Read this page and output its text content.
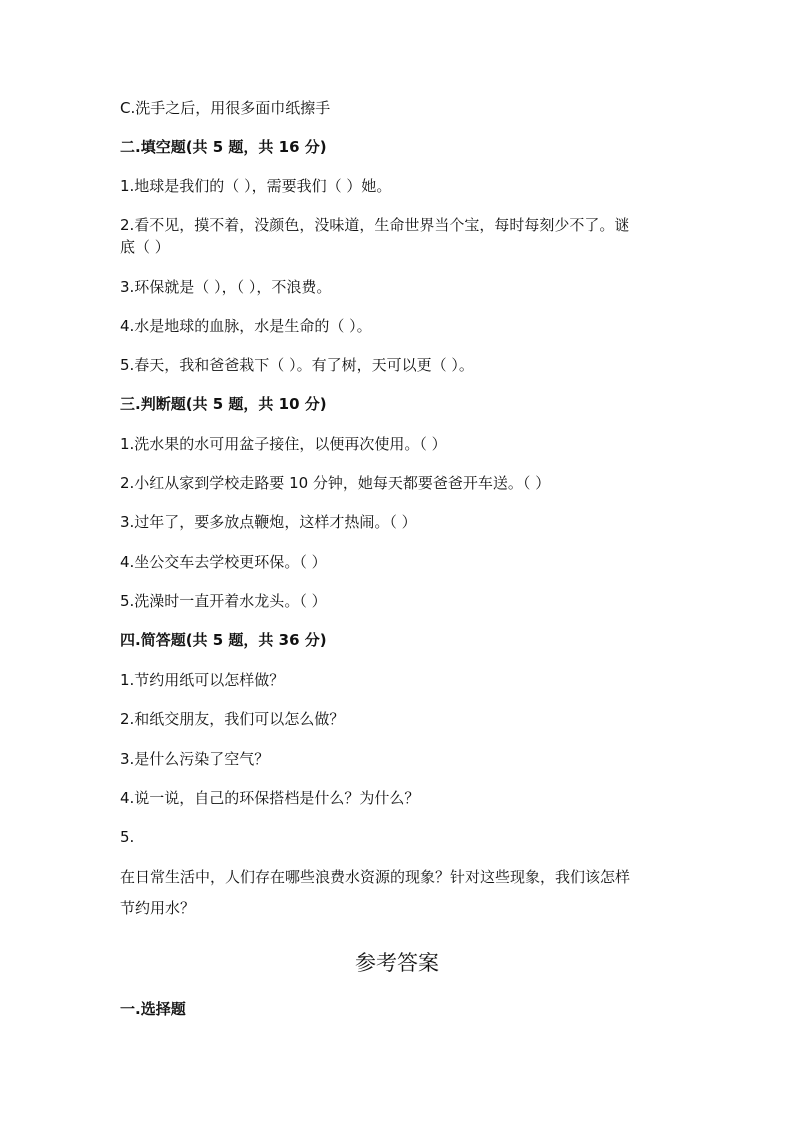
C.洗手之后，用很多面巾纸擦手
二.填空题(共 5 题，共 16 分)
1.地球是我们的（ ），需要我们（ ）她。
2.看不见，摸不着，没颜色，没味道，生命世界当个宝，每时每刻少不了。谜
底（ ）
3.环保就是（ ），（ ），不浪费。
4.水是地球的血脉，水是生命的（ ）。
5.春天，我和爸爸栽下（ ）。有了树，天可以更（ ）。
三.判断题(共 5 题，共 10 分)
1.洗水果的水可用盆子接住，以便再次使用。（ ）
2.小红从家到学校走路要 10 分钟，她每天都要爸爸开车送。（ ）
3.过年了，要多放点鞭炮，这样才热闹。（ ）
4.坐公交车去学校更环保。（ ）
5.洗澡时一直开着水龙头。（ ）
四.简答题(共 5 题，共 36 分)
1.节约用纸可以怎样做？
2.和纸交朋友，我们可以怎么做？
3.是什么污染了空气？
4.说一说，自己的环保搭档是什么？为什么？
5.
在日常生活中，人们存在哪些浪费水资源的现象？针对这些现象，我们该怎样
节约用水？
参考答案
一.选择题
